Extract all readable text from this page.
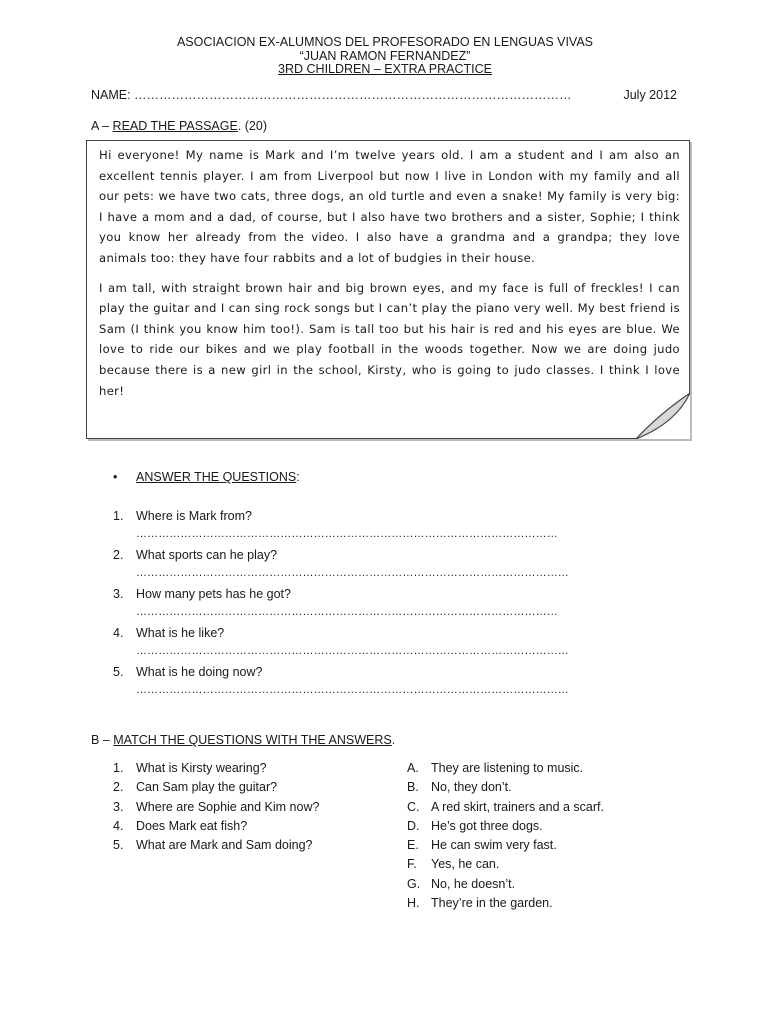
ASOCIACION EX-ALUMNOS DEL PROFESORADO EN LENGUAS VIVAS
“JUAN RAMON FERNANDEZ”
3RD CHILDREN – EXTRA PRACTICE
NAME: ……………………………………………………………………………………………	July 2012
A – READ THE PASSAGE. (20)

Hi everyone! My name is Mark and I’m twelve years old. I am a student and I am also an excellent tennis player. I am from Liverpool but now I live in London with my family and all our pets: we have two cats, three dogs, an old turtle and even a snake! My family is very big: I have a mom and a dad, of course, but I also have two brothers and a sister, Sophie; I think you know her already from the video. I also have a grandma and a grandpa; they love animals too: they have four rabbits and a lot of budgies in their house.

I am tall, with straight brown hair and big brown eyes, and my face is full of freckles! I can play the guitar and I can sing rock songs but I can’t play the piano very well. My best friend is Sam (I think you know him too!). Sam is tall too but his hair is red and his eyes are blue. We love to ride our bikes and we play football in the woods together. Now we are doing judo because there is a new girl in the school, Kirsty, who is going to judo classes. I think I love her!

• ANSWER THE QUESTIONS:
1. Where is Mark from?
……………………………………………………………………………………………………
2. What sports can he play?
………………………………………………………………………………………………………
3. How many pets has he got?
……………………………………………………………………………………………………
4. What is he like?
………………………………………………………………………………………………………
5. What is he doing now?
………………………………………………………………………………………………………
B – MATCH THE QUESTIONS WITH THE ANSWERS.
1. What is Kirsty wearing?
2. Can Sam play the guitar?
3. Where are Sophie and Kim now?
4. Does Mark eat fish?
5. What are Mark and Sam doing?
A. They are listening to music.
B. No, they don’t.
C. A red skirt, trainers and a scarf.
D. He’s got three dogs.
E. He can swim very fast.
F. Yes, he can.
G. No, he doesn’t.
H. They’re in the garden.
